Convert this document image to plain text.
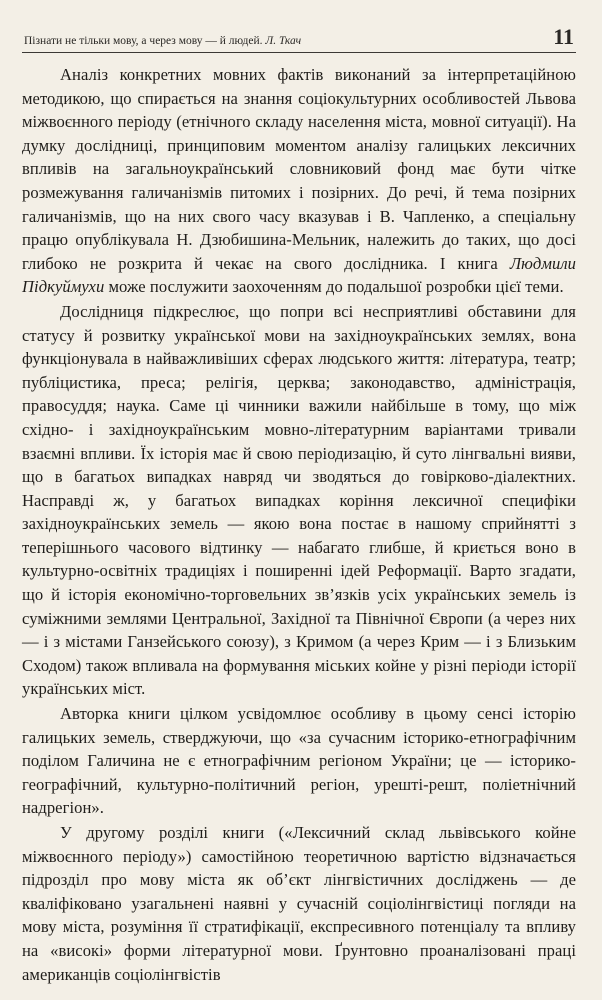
Пізнати не тільки мову, а через мову — й людей. Л. Ткач	11

Аналіз конкретних мовних фактів виконаний за інтерпретаційною методикою, що спирається на знання соціокультурних особливостей Львова міжвоєнного періоду (етнічного складу населення міста, мовної ситуації). На думку дослідниці, принциповим моментом аналізу галицьких лексичних впливів на загальноукраїнський словниковий фонд має бути чітке розмежування галичанізмів питомих і позірних. До речі, й тема позірних галичанізмів, що на них свого часу вказував і В. Чапленко, а спеціальну працю опублікувала Н. Дзюбишина-Мельник, належить до таких, що досі глибоко не розкрита й чекає на свого дослідника. І книга Людмили Підкуймухи може послужити заохоченням до подальшої розробки цієї теми.

Дослідниця підкреслює, що попри всі несприятливі обставини для статусу й розвитку української мови на західноукраїнських землях, вона функціонувала в найважливіших сферах людського життя: література, театр; публіцистика, преса; релігія, церква; законодавство, адміністрація, правосуддя; наука. Саме ці чинники важили найбільше в тому, що між східно- і західноукраїнським мовно-літературним варіантами тривали взаємні впливи. Їх історія має й свою періодизацію, й суто лінгвальні вияви, що в багатьох випадках навряд чи зводяться до говірково-діалектних. Насправді ж, у багатьох випадках коріння лексичної специфіки західноукраїнських земель — якою вона постає в нашому сприйнятті з теперішнього часового відтинку — набагато глибше, й криється воно в культурно-освітніх традиціях і поширенні ідей Реформації. Варто згадати, що й історія економічно-торговельних зв’язків усіх українських земель із суміжними землями Центральної, Західної та Північної Європи (а через них — і з містами Ганзейського союзу), з Кримом (а через Крим — і з Близьким Сходом) також впливала на формування міських койне у різні періоди історії українських міст.

Авторка книги цілком усвідомлює особливу в цьому сенсі історію галицьких земель, стверджуючи, що «за сучасним історико-етнографічним подiлом Галичина не є етнографічним регіоном України; це — історико-географічний, культурно-політичний регіон, урешті-решт, поліетнічний надрегіон».

У другому розділі книги («Лексичний склад львівського койне міжвоєнного періоду») самостійною теоретичною вартістю відзначається підрозділ про мову міста як об’єкт лінгвістичних досліджень — де кваліфіковано узагальнені наявні у сучасній соціолінгвістиці погляди на мову міста, розуміння її стратифікації, експресивного потенціалу та впливу на «високі» форми літературної мови. Ґрунтовно проаналізовані праці американців соціолінгвістів
